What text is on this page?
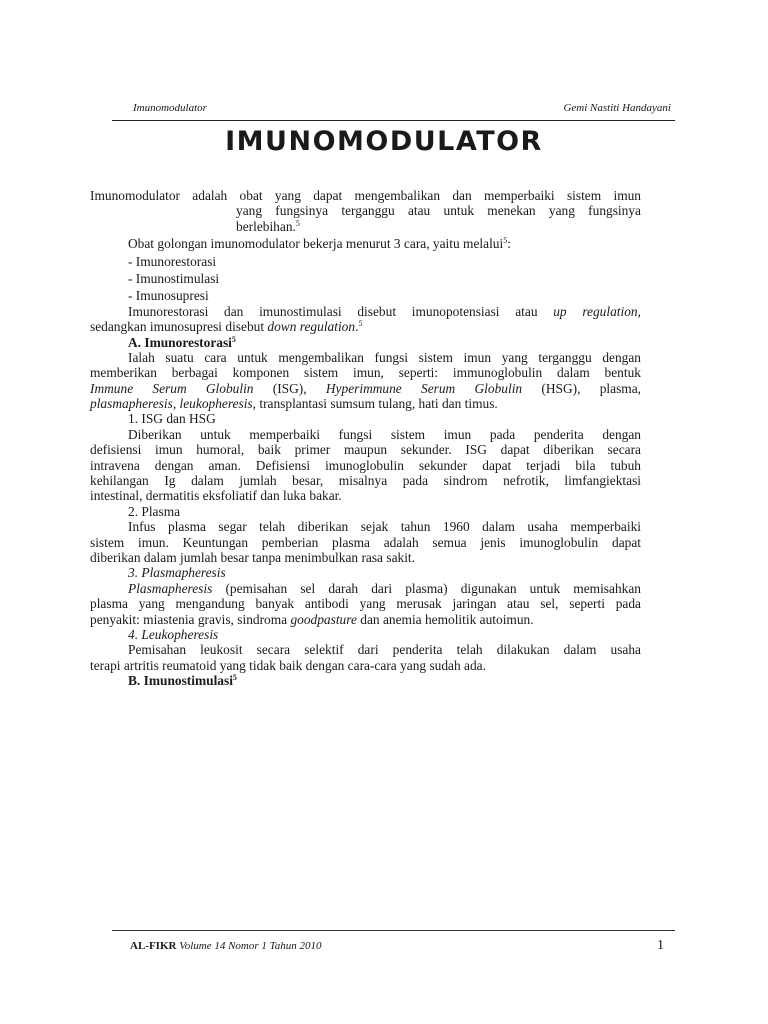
Imunomodulator	Gemi Nastiti Handayani
IMUNOMODULATOR
Imunomodulator adalah obat yang dapat mengembalikan dan memperbaiki sistem imun
yang fungsinya terganggu atau untuk menekan yang fungsinya
berlebihan.$^5$
Obat golongan imunomodulator bekerja menurut 3 cara, yaitu melalui$^5$:
- Imunorestorasi
- Imunostimulasi
- Imunosupresi
Imunorestorasi dan imunostimulasi disebut imunopotensiasi atau up regulation,
sedangkan imunosupresi disebut down regulation.$^5$
A. Imunorestorasi$^5$
Ialah suatu cara untuk mengembalikan fungsi sistem imun yang terganggu dengan
memberikan berbagai komponen sistem imun, seperti: immunoglobulin dalam bentuk
Immune Serum Globulin (ISG), Hyperimmune Serum Globulin (HSG), plasma,
plasmapheresis, leukopheresis, transplantasi sumsum tulang, hati dan timus.
1. ISG dan HSG
Diberikan untuk memperbaiki fungsi sistem imun pada penderita dengan
defisiensi imun humoral, baik primer maupun sekunder. ISG dapat diberikan secara
intravena dengan aman. Defisiensi imunoglobulin sekunder dapat terjadi bila tubuh
kehilangan Ig dalam jumlah besar, misalnya pada sindrom nefrotik, limfangiektasi
intestinal, dermatitis eksfoliatif dan luka bakar.
2. Plasma
Infus plasma segar telah diberikan sejak tahun 1960 dalam usaha memperbaiki
sistem imun. Keuntungan pemberian plasma adalah semua jenis imunoglobulin dapat
diberikan dalam jumlah besar tanpa menimbulkan rasa sakit.
3. Plasmapheresis
Plasmapheresis (pemisahan sel darah dari plasma) digunakan untuk memisahkan
plasma yang mengandung banyak antibodi yang merusak jaringan atau sel, seperti pada
penyakit: miastenia gravis, sindroma goodpasture dan anemia hemolitik autoimun.
4. Leukopheresis
Pemisahan leukosit secara selektif dari penderita telah dilakukan dalam usaha
terapi artritis reumatoid yang tidak baik dengan cara-cara yang sudah ada.
B. Imunostimulasi$^5$
AL-FIKR Volume 14 Nomor 1 Tahun 2010	1
